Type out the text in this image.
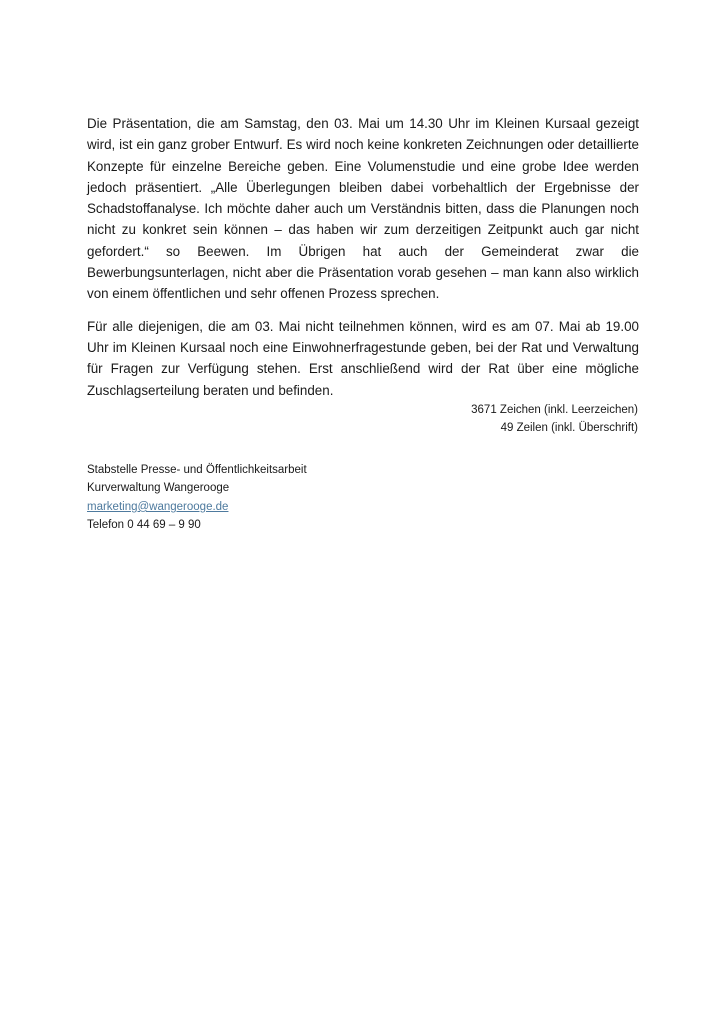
Die Präsentation, die am Samstag, den 03. Mai um 14.30 Uhr im Kleinen Kursaal gezeigt wird, ist ein ganz grober Entwurf. Es wird noch keine konkreten Zeichnungen oder detaillierte Konzepte für einzelne Bereiche geben. Eine Volumenstudie und eine grobe Idee werden jedoch präsentiert. „Alle Überlegungen bleiben dabei vorbehaltlich der Ergebnisse der Schadstoffanalyse. Ich möchte daher auch um Verständnis bitten, dass die Planungen noch nicht zu konkret sein können – das haben wir zum derzeitigen Zeitpunkt auch gar nicht gefordert.“ so Beewen. Im Übrigen hat auch der Gemeinderat zwar die Bewerbungsunterlagen, nicht aber die Präsentation vorab gesehen – man kann also wirklich von einem öffentlichen und sehr offenen Prozess sprechen.

Für alle diejenigen, die am 03. Mai nicht teilnehmen können, wird es am 07. Mai ab 19.00 Uhr im Kleinen Kursaal noch eine Einwohnerfragestunde geben, bei der Rat und Verwaltung für Fragen zur Verfügung stehen. Erst anschließend wird der Rat über eine mögliche Zuschlagserteilung beraten und befinden.

3671 Zeichen (inkl. Leerzeichen)
49 Zeilen (inkl. Überschrift)
Stabstelle Presse- und Öffentlichkeitsarbeit
Kurverwaltung Wangerooge
marketing@wangerooge.de
Telefon 0 44 69 – 9 90
